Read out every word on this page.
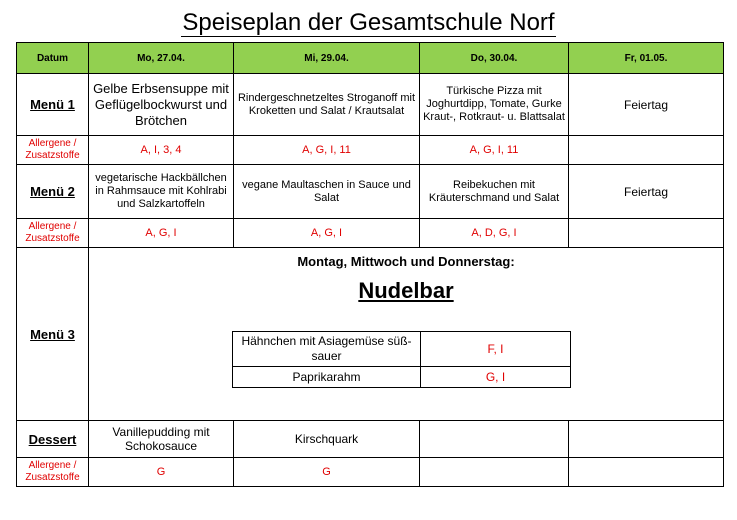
Speiseplan der Gesamtschule Norf
Datum	Mo, 27.04.	Mi, 29.04.	Do, 30.04.	Fr, 01.05.
Menü 1	Gelbe Erbsensuppe mit Geflügelbockwurst und Brötchen	Rindergeschnetzeltes Stroganoff mit Kroketten und Salat / Krautsalat	Türkische Pizza mit Joghurtdipp, Tomate, Gurke Kraut-, Rotkraut- u. Blattsalat	Feiertag
Allergene / Zusatzstoffe	A, I, 3, 4	A, G, I, 11	A, G, I, 11	
Menü 2	vegetarische Hackbällchen in Rahmsauce mit Kohlrabi und Salzkartoffeln	vegane Maultaschen in Sauce und Salat	Reibekuchen mit Kräuterschmand und Salat	Feiertag
Allergene / Zusatzstoffe	A, G, I	A, G, I	A, D, G, I	
Menü 3	
Montag, Mittwoch und Donnerstag:
Nudelbar
Hähnchen mit Asiagemüse süß-sauer	F, I
Paprikarahm	G, I

Dessert	Vanillepudding mit Schokosauce	Kirschquark		
Allergene / Zusatzstoffe	G	G		
